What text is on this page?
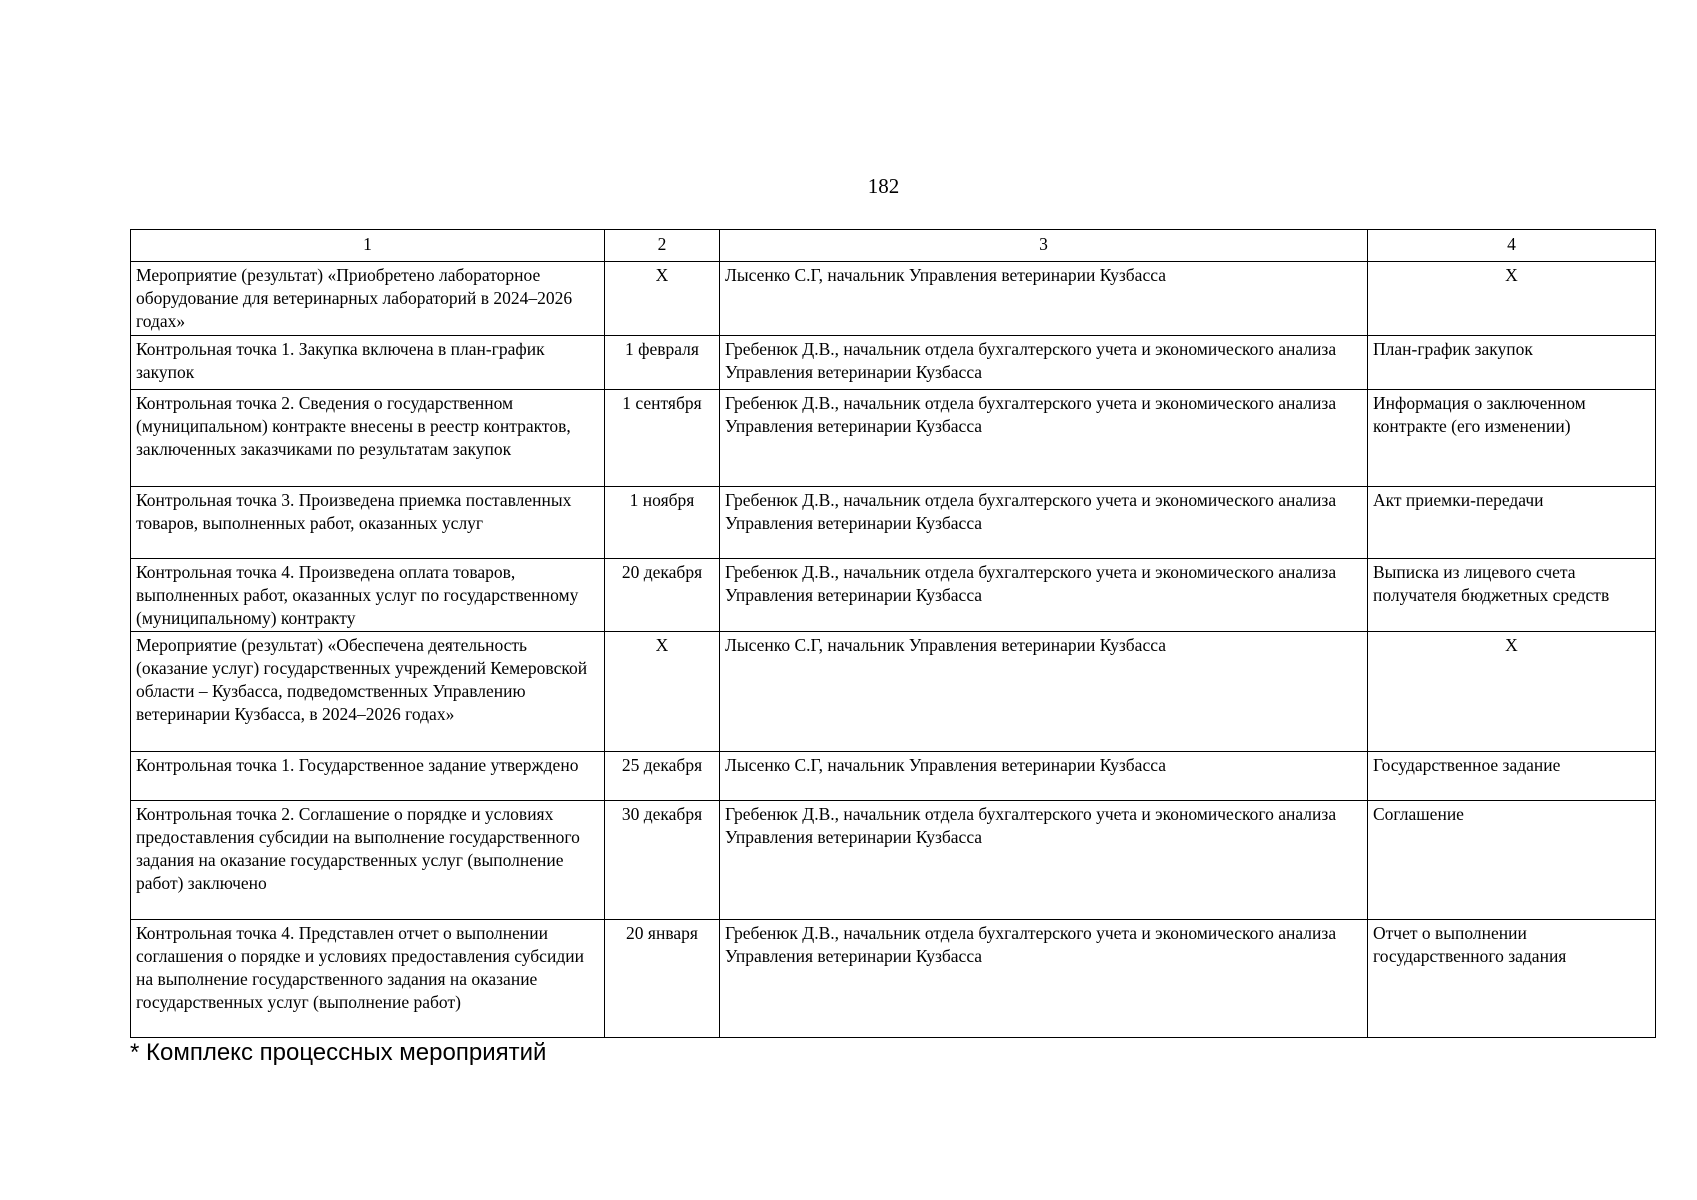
182
1	2	3	4
Мероприятие (результат) «Приобретено лабораторное оборудование для ветеринарных лабораторий в 2024–2026 годах»	Х	Лысенко С.Г, начальник Управления ветеринарии Кузбасса	Х
Контрольная точка 1. Закупка включена в план-график закупок	1 февраля	Гребенюк Д.В., начальник отдела бухгалтерского учета и экономического анализа Управления ветеринарии Кузбасса	План-график закупок
Контрольная точка 2. Сведения о государственном (муниципальном) контракте внесены в реестр контрактов, заключенных заказчиками по результатам закупок	1 сентября	Гребенюк Д.В., начальник отдела бухгалтерского учета и экономического анализа Управления ветеринарии Кузбасса	Информация о заключенном контракте (его изменении)
Контрольная точка 3. Произведена приемка поставленных товаров, выполненных работ, оказанных услуг	1 ноября	Гребенюк Д.В., начальник отдела бухгалтерского учета и экономического анализа Управления ветеринарии Кузбасса	Акт приемки-передачи
Контрольная точка 4. Произведена оплата товаров, выполненных работ, оказанных услуг по государственному (муниципальному) контракту	20 декабря	Гребенюк Д.В., начальник отдела бухгалтерского учета и экономического анализа Управления ветеринарии Кузбасса	Выписка из лицевого счета получателя бюджетных средств
Мероприятие (результат) «Обеспечена деятельность (оказание услуг) государственных учреждений Кемеровской области – Кузбасса, подведомственных Управлению ветеринарии Кузбасса, в 2024–2026 годах»	Х	Лысенко С.Г, начальник Управления ветеринарии Кузбасса	Х
Контрольная точка 1. Государственное задание утверждено	25 декабря	Лысенко С.Г, начальник Управления ветеринарии Кузбасса	Государственное задание
Контрольная точка 2. Соглашение о порядке и условиях предоставления субсидии на выполнение государственного задания на оказание государственных услуг (выполнение работ) заключено	30 декабря	Гребенюк Д.В., начальник отдела бухгалтерского учета и экономического анализа Управления ветеринарии Кузбасса	Соглашение
Контрольная точка 4. Представлен отчет о выполнении соглашения о порядке и условиях предоставления субсидии на выполнение государственного задания на оказание государственных услуг (выполнение работ)	20 января	Гребенюк Д.В., начальник отдела бухгалтерского учета и экономического анализа Управления ветеринарии Кузбасса	Отчет о выполнении государственного задания
* Комплекс процессных мероприятий
